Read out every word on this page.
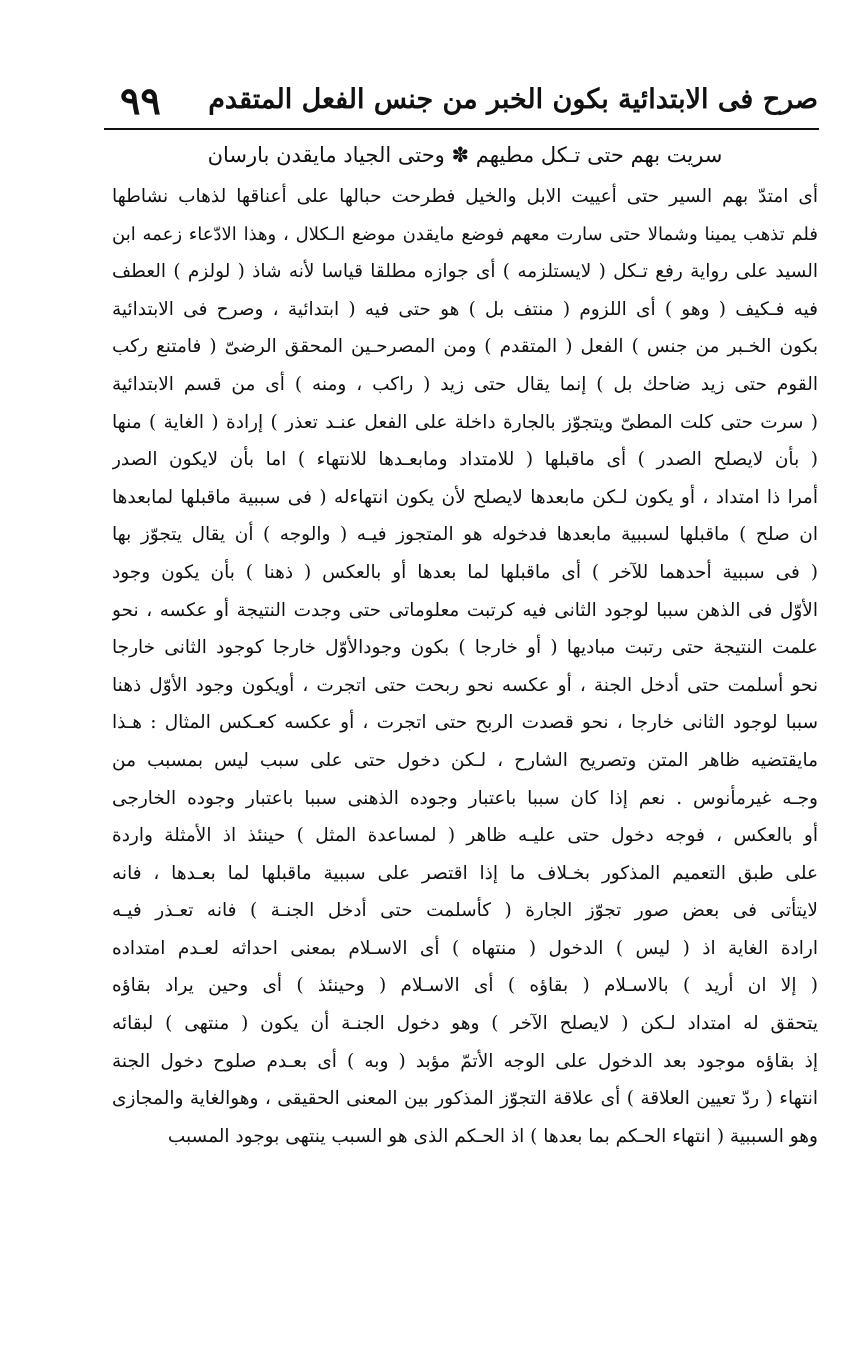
صرح فى الابتدائية بكون الخبر من جنس الفعل المتقدم
٩٩
سريت بهم حتى تـكل مطيهم ✽ وحتى الجياد مايقدن بارسان
أى امتدّ بهم السير حتى أعييت الابل والخيل فطرحت حبالها على أعناقها لذهاب نشاطها
فلم تذهب يمينا وشمالا حتى سارت معهم فوضع مايقدن موضع الـكلال ، وهذا الادّعاء زعمه ابن
السيد على رواية رفع تـكل ( لايستلزمه ) أى جوازه مطلقا قياسا لأنه شاذ ( لولزم ) العطف
فيه فـكيف ( وهو ) أى اللزوم ( منتف بل ) هو حتى فيه ( ابتدائية ، وصرح فى الابتدائية
بكون الخـبر من جنس ) الفعل ( المتقدم ) ومن المصرحـين المحقق الرضىّ ( فامتنع ركب
القوم حتى زيد ضاحك بل ) إنما يقال حتى زيد ( راكب ، ومنه ) أى من قسم الابتدائية
( سرت حتى كلت المطىّ ويتجوّز بالجارة داخلة على الفعل عنـد تعذر ) إرادة ( الغاية ) منها
( بأن لايصلح الصدر ) أى ماقبلها ( للامتداد ومابعـدها للانتهاء ) اما بأن لايكون الصدر
أمرا ذا امتداد ، أو يكون لـكن مابعدها لايصلح لأن يكون انتهاءله ( فى سببية ماقبلها لمابعدها
ان صلح ) ماقبلها لسببية مابعدها فدخوله هو المتجوز فيـه ( والوجه ) أن يقال يتجوّز بها
( فى سببية أحدهما للآخر ) أى ماقبلها لما بعدها أو بالعكس ( ذهنا ) بأن يكون وجود
الأوّل فى الذهن سببا لوجود الثانى فيه كرتبت معلوماتى حتى وجدت النتيجة أو عكسه ، نحو
علمت النتيجة حتى رتبت مباديها ( أو خارجا ) بكون وجودالأوّل خارجا كوجود الثانى خارجا
نحو أسلمت حتى أدخل الجنة ، أو عكسه نحو ربحت حتى اتجرت ، أويكون وجود الأوّل ذهنا
سببا لوجود الثانى خارجا ، نحو قصدت الربح حتى اتجرت ، أو عكسه كعـكس المثال : هـذا
مايقتضيه ظاهر المتن وتصريح الشارح ، لـكن دخول حتى على سبب ليس بمسبب من
وجـه غيرمأنوس . نعم إذا كان سببا باعتبار وجوده الذهنى سببا باعتبار وجوده الخارجى
أو بالعكس ، فوجه دخول حتى عليـه ظاهر ( لمساعدة المثل ) حينئذ اذ الأمثلة واردة
على طبق التعميم المذكور بخـلاف ما إذا اقتصر على سببية ماقبلها لما بعـدها ، فانه
لايتأتى فى بعض صور تجوّز الجارة ( كأسلمت حتى أدخل الجنـة ) فانه تعـذر فيـه
ارادة الغاية اذ ( ليس ) الدخول ( منتهاه ) أى الاسـلام بمعنى احداثه لعـدم امتداده
( إلا ان أريد ) بالاسـلام ( بقاؤه ) أى الاسـلام ( وحينئذ ) أى وحين يراد بقاؤه
يتحقق له امتداد لـكن ( لايصلح الآخر ) وهو دخول الجنـة أن يكون ( منتهى ) لبقائه
إذ بقاؤه موجود بعد الدخول على الوجه الأتمّ مؤبد ( وبه ) أى بعـدم صلوح دخول الجنة
انتهاء ( ردّ تعيين العلاقة ) أى علاقة التجوّز المذكور بين المعنى الحقيقى ، وهوالغاية والمجازى
وهو السببية ( انتهاء الحـكم بما بعدها ) اذ الحـكم الذى هو السبب ينتهى بوجود المسبب
